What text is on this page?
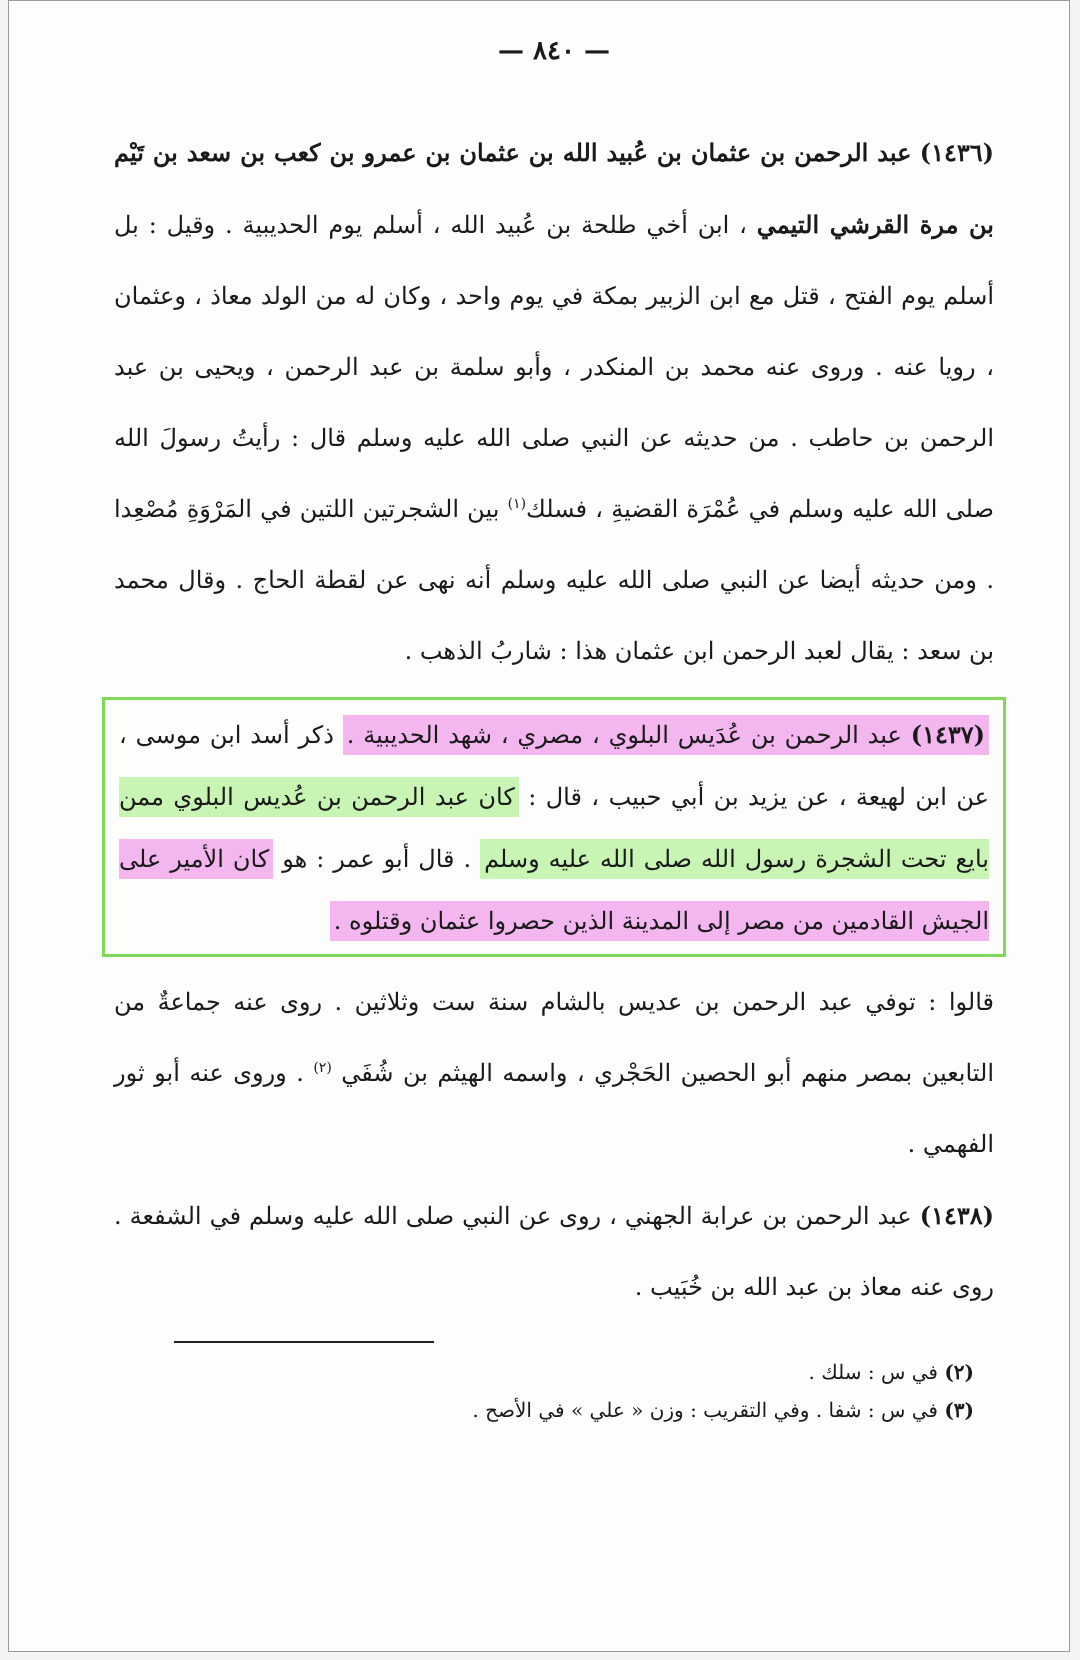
— ٨٤٠ —

(١٤٣٦) عبد الرحمن بن عثمان بن عُبيد الله بن عثمان بن عمرو بن كعب بن سعد بن تَيْم بن مرة القرشي التيمي ، ابن أخي طلحة بن عُبيد الله ، أسلم يوم الحديبية . وقيل : بل أسلم يوم الفتح ، قتل مع ابن الزبير بمكة في يوم واحد ، وكان له من الولد معاذ ، وعثمان ، رويا عنه . وروى عنه محمد بن المنكدر ، وأبو سلمة بن عبد الرحمن ، ويحيى بن عبد الرحمن بن حاطب . من حديثه عن النبي صلى الله عليه وسلم قال : رأيتُ رسولَ الله صلى الله عليه وسلم في عُمْرَة القضيةِ ، فسلك$^{(١)}$ بين الشجرتين اللتين في المَرْوَةِ مُصْعِدا . ومن حديثه أيضا عن النبي صلى الله عليه وسلم أنه نهى عن لقطة الحاج . وقال محمد بن سعد : يقال لعبد الرحمن ابن عثمان هذا : شاربُ الذهب .

(١٤٣٧) عبد الرحمن بن عُدَيس البلوي ، مصري ، شهد الحديبية . ذكر أسد ابن موسى ، عن ابن لهيعة ، عن يزيد بن أبي حبيب ، قال : كان عبد الرحمن بن عُديس البلوي ممن بايع تحت الشجرة رسول الله صلى الله عليه وسلم . قال أبو عمر : هو كان الأمير على الجيش القادمين من مصر إلى المدينة الذين حصروا عثمان وقتلوه .

قالوا : توفي عبد الرحمن بن عديس بالشام سنة ست وثلاثين . روى عنه جماعةٌ من التابعين بمصر منهم أبو الحصين الحَجْري ، واسمه الهيثم بن شُفَي $^{(٢)}$ . وروى عنه أبو ثور الفهمي .

(١٤٣٨) عبد الرحمن بن عرابة الجهني ، روى عن النبي صلى الله عليه وسلم في الشفعة . روى عنه معاذ بن عبد الله بن خُبَيب .

(٢) في س : سلك .

(٣) في س : شفا . وفي التقريب : وزن « علي » في الأصح .
